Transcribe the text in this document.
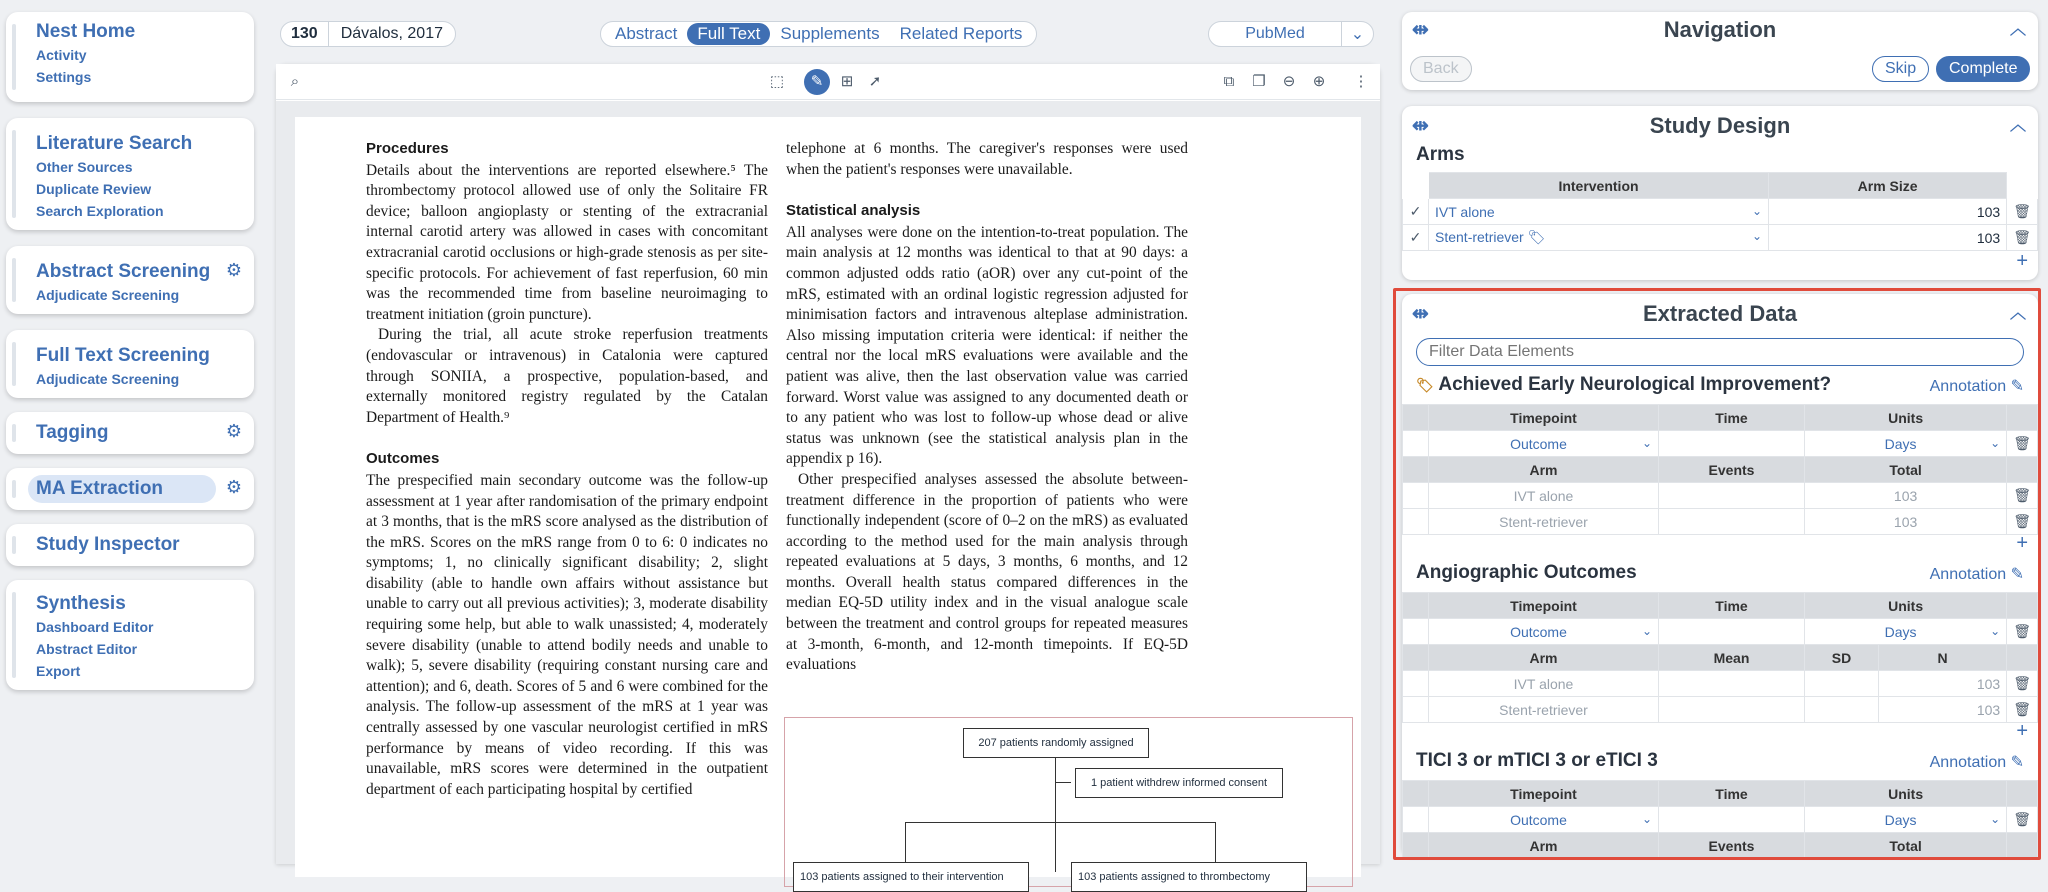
Nest Home
Activity
Settings
Literature Search
Other Sources
Duplicate Review
Search Exploration
Abstract Screening
Adjudicate Screening
⚙
Full Text Screening
Adjudicate Screening
Tagging	⚙
MA Extraction	⚙
Study Inspector
Synthesis
Dashboard Editor
Abstract Editor
Export
130	Dávalos, 2017	Abstract	Full Text	Supplements	Related Reports	PubMed	⌄
⌕	⬚	✎	⊞ ➚	⧉ ❐ ⊖ ⊕ ⋮
Procedures

Details about the interventions are reported elsewhere.⁵ The thrombectomy protocol allowed use of only the Solitaire FR device; balloon angioplasty or stenting of the extracranial internal carotid artery was allowed in cases with concomitant extracranial carotid occlusions or high-grade stenosis as per site-specific protocols. For achievement of fast reperfusion, 60 min was the recommended time from baseline neuroimaging to treatment initiation (groin puncture).

During the trial, all acute stroke reperfusion treatments (endovascular or intravenous) in Catalonia were captured through SONIIA, a prospective, population-based, and externally monitored registry regulated by the Catalan Department of Health.⁹

Outcomes

The prespecified main secondary outcome was the follow-up assessment at 1 year after randomisation of the primary endpoint at 3 months, that is the mRS score analysed as the distribution of the mRS. Scores on the mRS range from 0 to 6: 0 indicates no symptoms; 1, no clinically significant disability; 2, slight disability (able to handle own affairs without assistance but unable to carry out all previous activities); 3, moderate disability requiring some help, but able to walk unassisted; 4, moderately severe disability (unable to attend bodily needs and unable to walk); 5, severe disability (requiring constant nursing care and attention); and 6, death. Scores of 5 and 6 were combined for the analysis. The follow-up assessment of the mRS at 1 year was centrally assessed by one vascular neurologist certified in mRS performance by means of video recording. If this was unavailable, mRS scores were determined in the outpatient department of each participating hospital by certified

telephone at 6 months. The caregiver's responses were used when the patient's responses were unavailable.

Statistical analysis

All analyses were done on the intention-to-treat population. The main analysis at 12 months was identical to that at 90 days: a common adjusted odds ratio (aOR) over any cut-point of the mRS, estimated with an ordinal logistic regression adjusted for minimisation factors and intravenous alteplase administration. Also missing imputation criteria were identical: if neither the central nor the local mRS evaluations were available and the patient was alive, then the last observation value was carried forward. Worst value was assigned to any documented death or to any patient who was lost to follow-up whose dead or alive status was unknown (see the statistical analysis plan in the appendix p 16).

Other prespecified analyses assessed the absolute between-treatment difference in the proportion of patients who were functionally independent (score of 0–2 on the mRS) as evaluated according to the method used for the main analysis through repeated evaluations at 5 days, 3 months, 6 months, and 12 months. Overall health status compared differences in the median EQ-5D utility index and in the visual analogue scale between the treatment and control groups for repeated measures at 3-month, 6-month, and 12-month timepoints. If EQ-5D evaluations

207 patients randomly assigned
1 patient withdrew informed consent
103 patients assigned to their intervention	103 patients assigned to thrombectomy
⇹	Navigation	︿
Back	Skip	Complete
⇹	Study Design	︿
Arms
	Intervention	Arm Size	
✓	IVT alone ⌄	103	🗑
✓	Stent-retriever 🏷 ⌄	103	🗑
+
⇹	Extracted Data	︿
Filter Data Elements
🏷 Achieved Early Neurological Improvement?	Annotation ✎
	Timepoint	Time	Units	
	Outcome ⌄		Days ⌄	🗑
	Arm	Events	Total	
	IVT alone		103	🗑
	Stent-retriever		103	🗑
+
Angiographic Outcomes	Annotation ✎
	Timepoint	Time	Units		
	Outcome ⌄		Days ⌄		🗑
	Arm	Mean	SD	N	
	IVT alone			103	🗑
	Stent-retriever			103	🗑
+
TICI 3 or mTICI 3 or eTICI 3	Annotation ✎
	Timepoint	Time	Units	
	Outcome ⌄		Days ⌄	🗑
	Arm	Events	Total	
